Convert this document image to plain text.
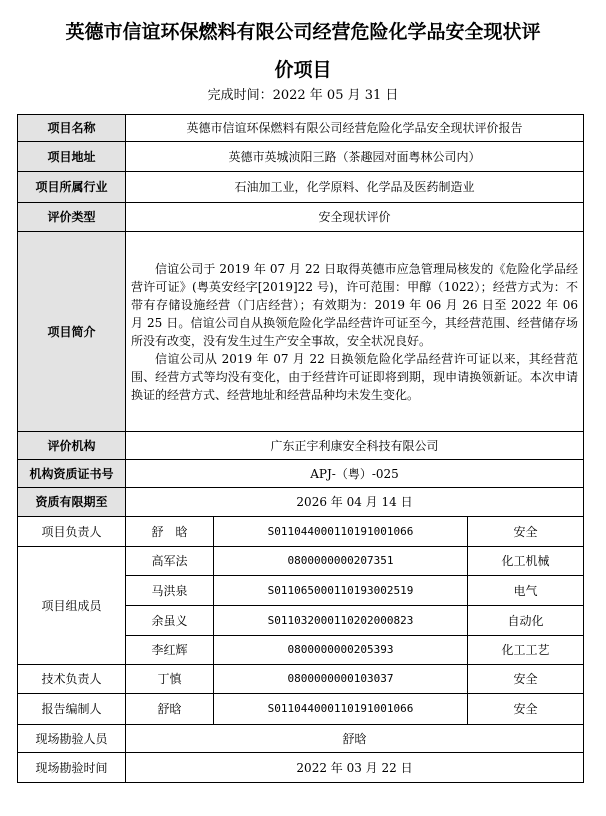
英德市信谊环保燃料有限公司经营危险化学品安全现状评
价项目
完成时间：2022 年 05 月 31 日
项目名称	英德市信谊环保燃料有限公司经营危险化学品安全现状评价报告		
项目地址	英德市英城浈阳三路（茶趣园对面粤林公司内）		
项目所属行业	石油加工业，化学原料、化学品及医药制造业		
评价类型	安全现状评价		
项目简介	信谊公司于 2019 年 07 月 22 日取得英德市应急管理局核发的《危险化学品经营许可证》(粤英安经字[2019]22 号)，许可范围：甲醇（1022）；经营方式为：不带有存储设施经营（门店经营）；有效期为：2019 年 06 月 26 日至 2022 年 06 月 25 日。信谊公司自从换领危险化学品经营许可证至今，其经营范围、经营储存场所没有改变，没有发生过生产安全事故，安全状况良好。

信谊公司从 2019 年 07 月 22 日换领危险化学品经营许可证以来，其经营范围、经营方式等均没有变化，由于经营许可证即将到期，现申请换领新证。本次申请换证的经营方式、经营地址和经营品种均未发生变化。		

评价机构	广东正宇利康安全科技有限公司		
机构资质证书号	APJ-（粤）-025		
资质有限期至	2026 年 04 月 14 日		
项目负责人	舒　晗	S011044000110191001066	安全
项目组成员	高军法	0800000000207351	化工机械
	马洪泉	S011065000110193002519	电气
	余虽义	S011032000110202000823	自动化
	李红辉	0800000000205393	化工工艺
技术负责人	丁慎	0800000000103037	安全
报告编制人	舒晗	S011044000110191001066	安全
现场勘验人员	舒晗		
现场勘验时间	2022 年 03 月 22 日		
